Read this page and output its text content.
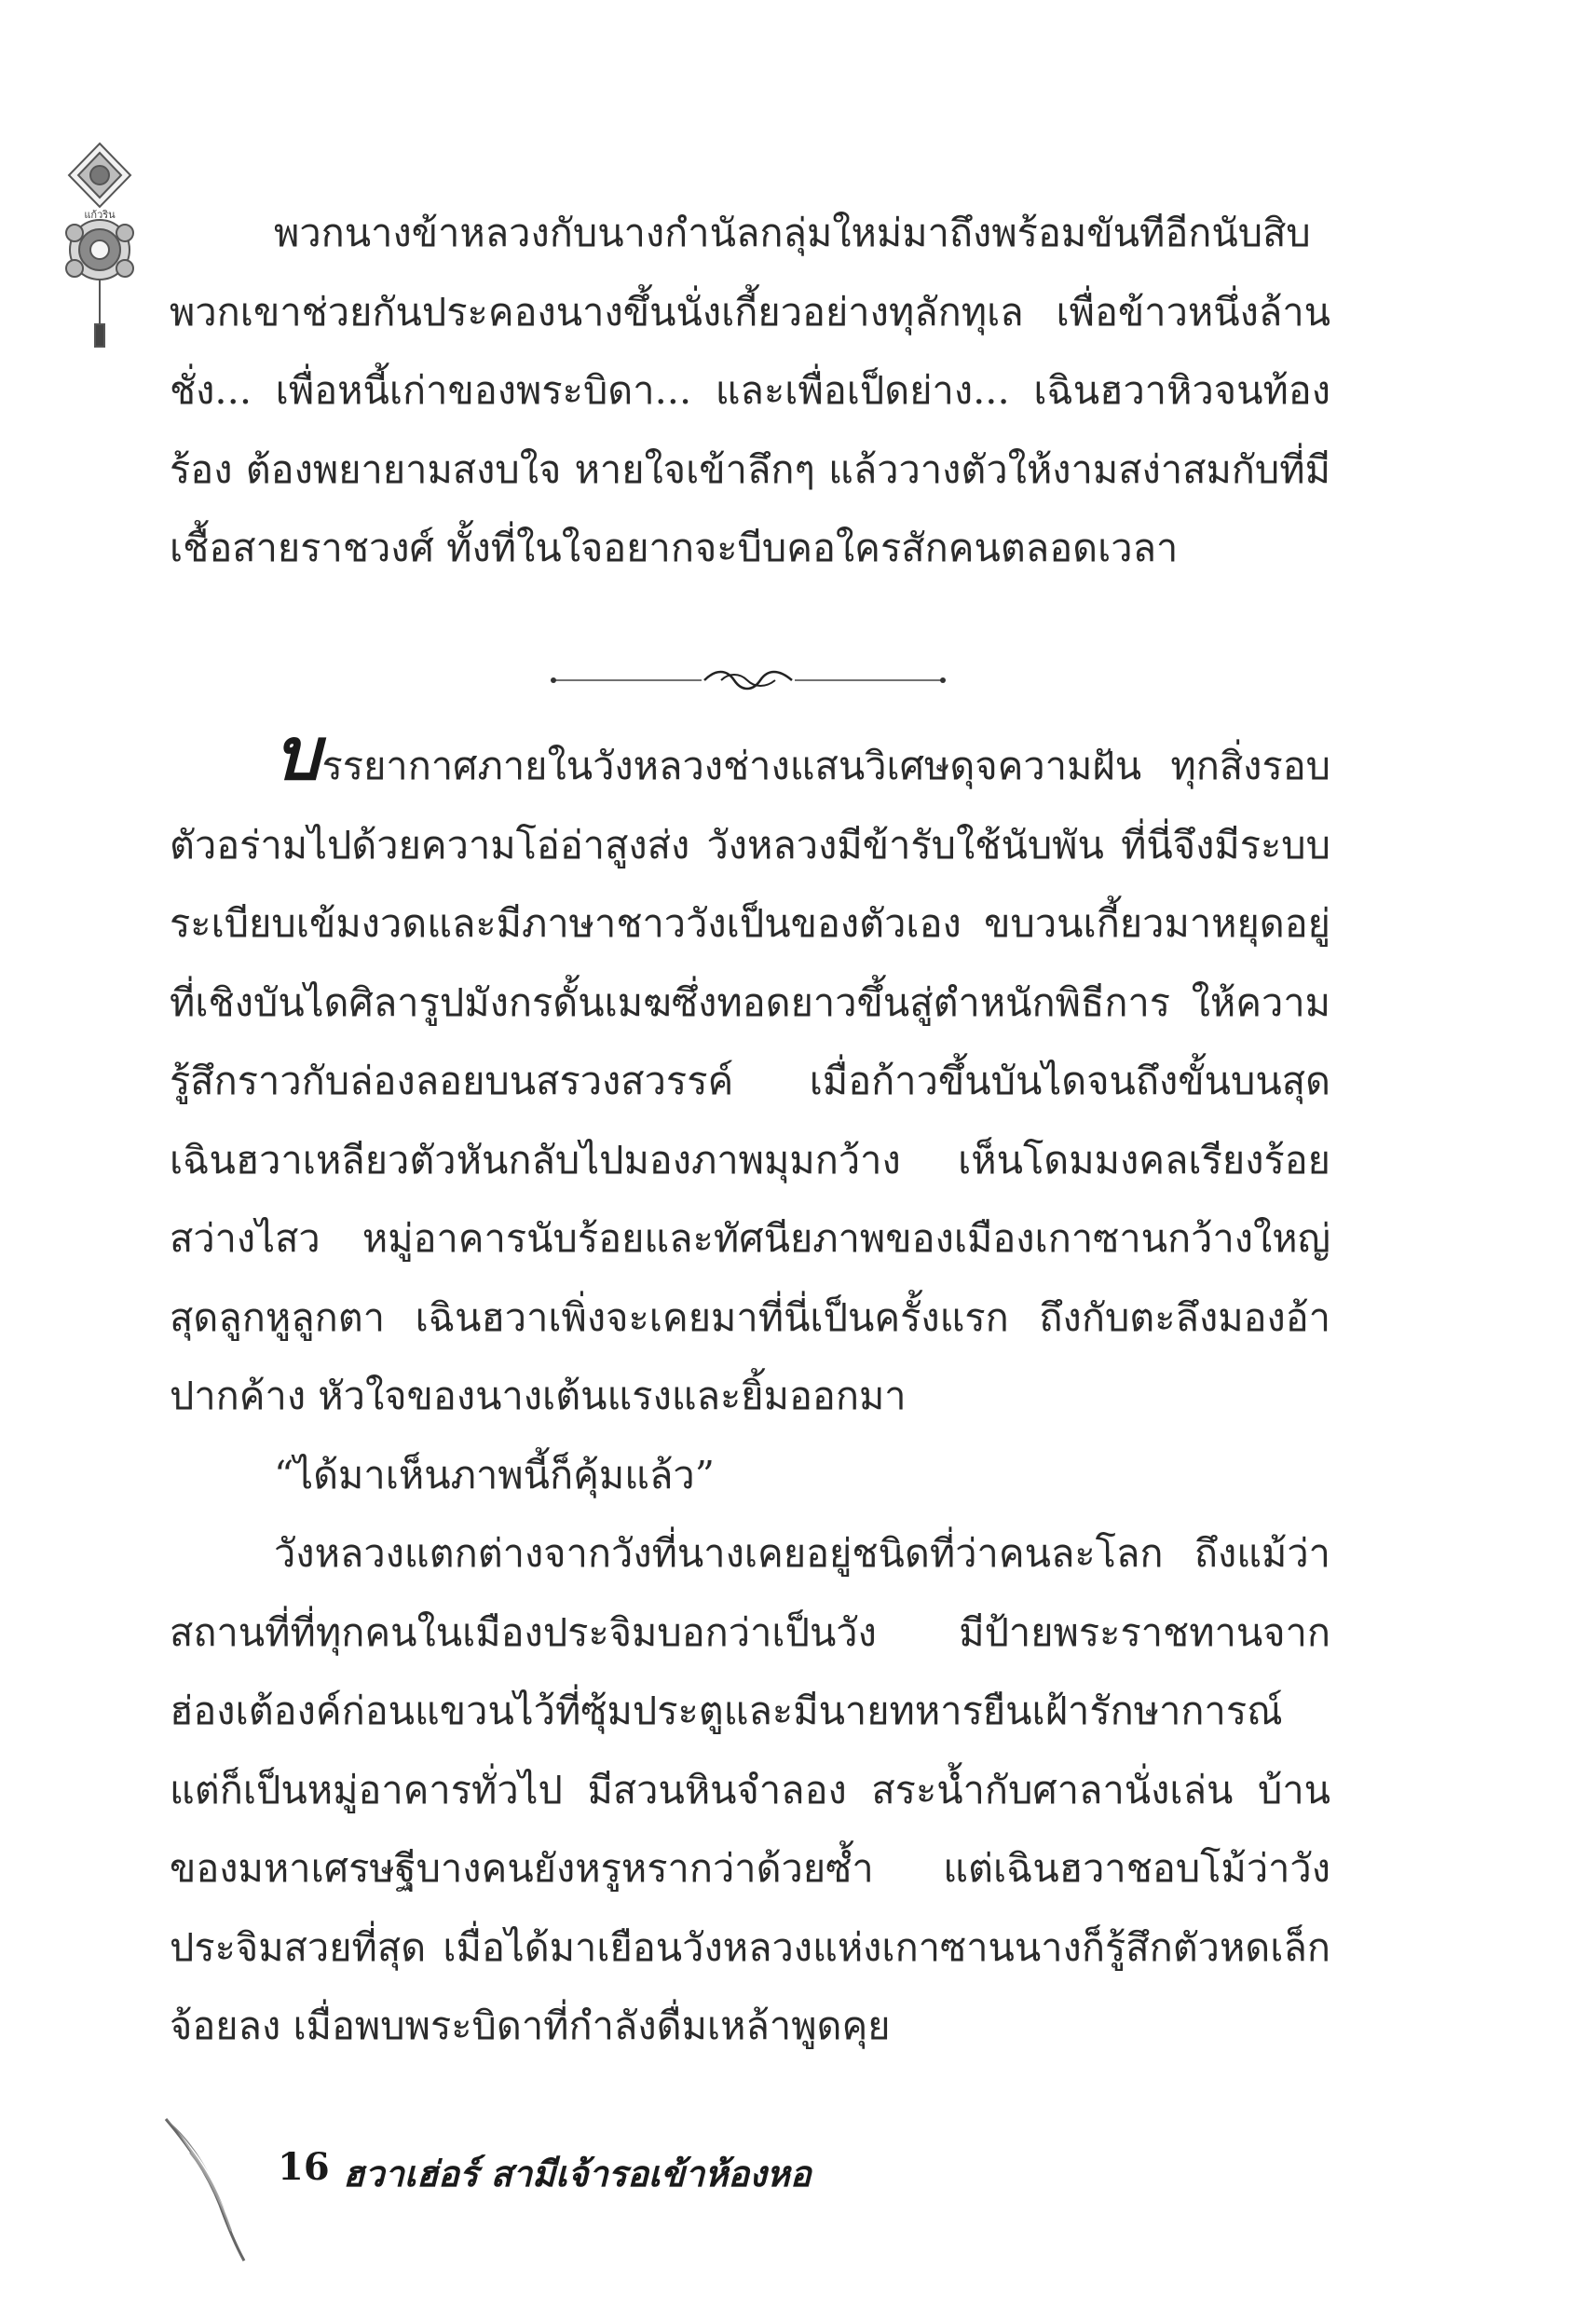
แก้วริน	พวกนางข้าหลวงกับนางกำนัลกลุ่มใหม่มาถึงพร้อมขันทีอีกนับสิบ พวกเขาช่วยกันประคองนางขึ้นนั่งเกี้ยวอย่างทุลักทุเล เพื่อข้าวหนึ่งล้านชั่ง... เพื่อหนี้เก่าของพระบิดา... และเพื่อเป็ดย่าง... เฉินฮวาหิวจนท้องร้อง ต้องพยายามสงบใจ หายใจเข้าลึกๆ แล้ววางตัวให้งามสง่าสมกับที่มีเชื้อสายราชวงศ์ ทั้งที่ในใจอยากจะบีบคอใครสักคนตลอดเวลา

บรรยากาศภายในวังหลวงช่างแสนวิเศษดุจความฝัน ทุกสิ่งรอบตัวอร่ามไปด้วยความโอ่อ่าสูงส่ง วังหลวงมีข้ารับใช้นับพัน ที่นี่จึงมีระบบระเบียบเข้มงวดและมีภาษาชาววังเป็นของตัวเอง ขบวนเกี้ยวมาหยุดอยู่ที่เชิงบันไดศิลารูปมังกรดั้นเมฆซึ่งทอดยาวขึ้นสู่ตำหนักพิธีการ ให้ความรู้สึกราวกับล่องลอยบนสรวงสวรรค์ เมื่อก้าวขึ้นบันไดจนถึงขั้นบนสุด เฉินฮวาเหลียวตัวหันกลับไปมองภาพมุมกว้าง เห็นโดมมงคลเรียงร้อยสว่างไสว หมู่อาคารนับร้อยและทัศนียภาพของเมืองเกาซานกว้างใหญ่สุดลูกหูลูกตา เฉินฮวาเพิ่งจะเคยมาที่นี่เป็นครั้งแรก ถึงกับตะลึงมองอ้าปากค้าง หัวใจของนางเต้นแรงและยิ้มออกมา

“ได้มาเห็นภาพนี้ก็คุ้มแล้ว”

วังหลวงแตกต่างจากวังที่นางเคยอยู่ชนิดที่ว่าคนละโลก ถึงแม้ว่าสถานที่ที่ทุกคนในเมืองประจิมบอกว่าเป็นวัง มีป้ายพระราชทานจากฮ่องเต้องค์ก่อนแขวนไว้ที่ซุ้มประตูและมีนายทหารยืนเฝ้ารักษาการณ์ แต่ก็เป็นหมู่อาคารทั่วไป มีสวนหินจำลอง สระน้ำกับศาลานั่งเล่น บ้านของมหาเศรษฐีบางคนยังหรูหรากว่าด้วยซ้ำ แต่เฉินฮวาชอบโม้ว่าวังประจิมสวยที่สุด เมื่อได้มาเยือนวังหลวงแห่งเกาซานนางก็รู้สึกตัวหดเล็กจ้อยลง เมื่อพบพระบิดาที่กำลังดื่มเหล้าพูดคุย

16 ฮวาเฮ่อร์ สามีเจ้ารอเข้าห้องหอ
